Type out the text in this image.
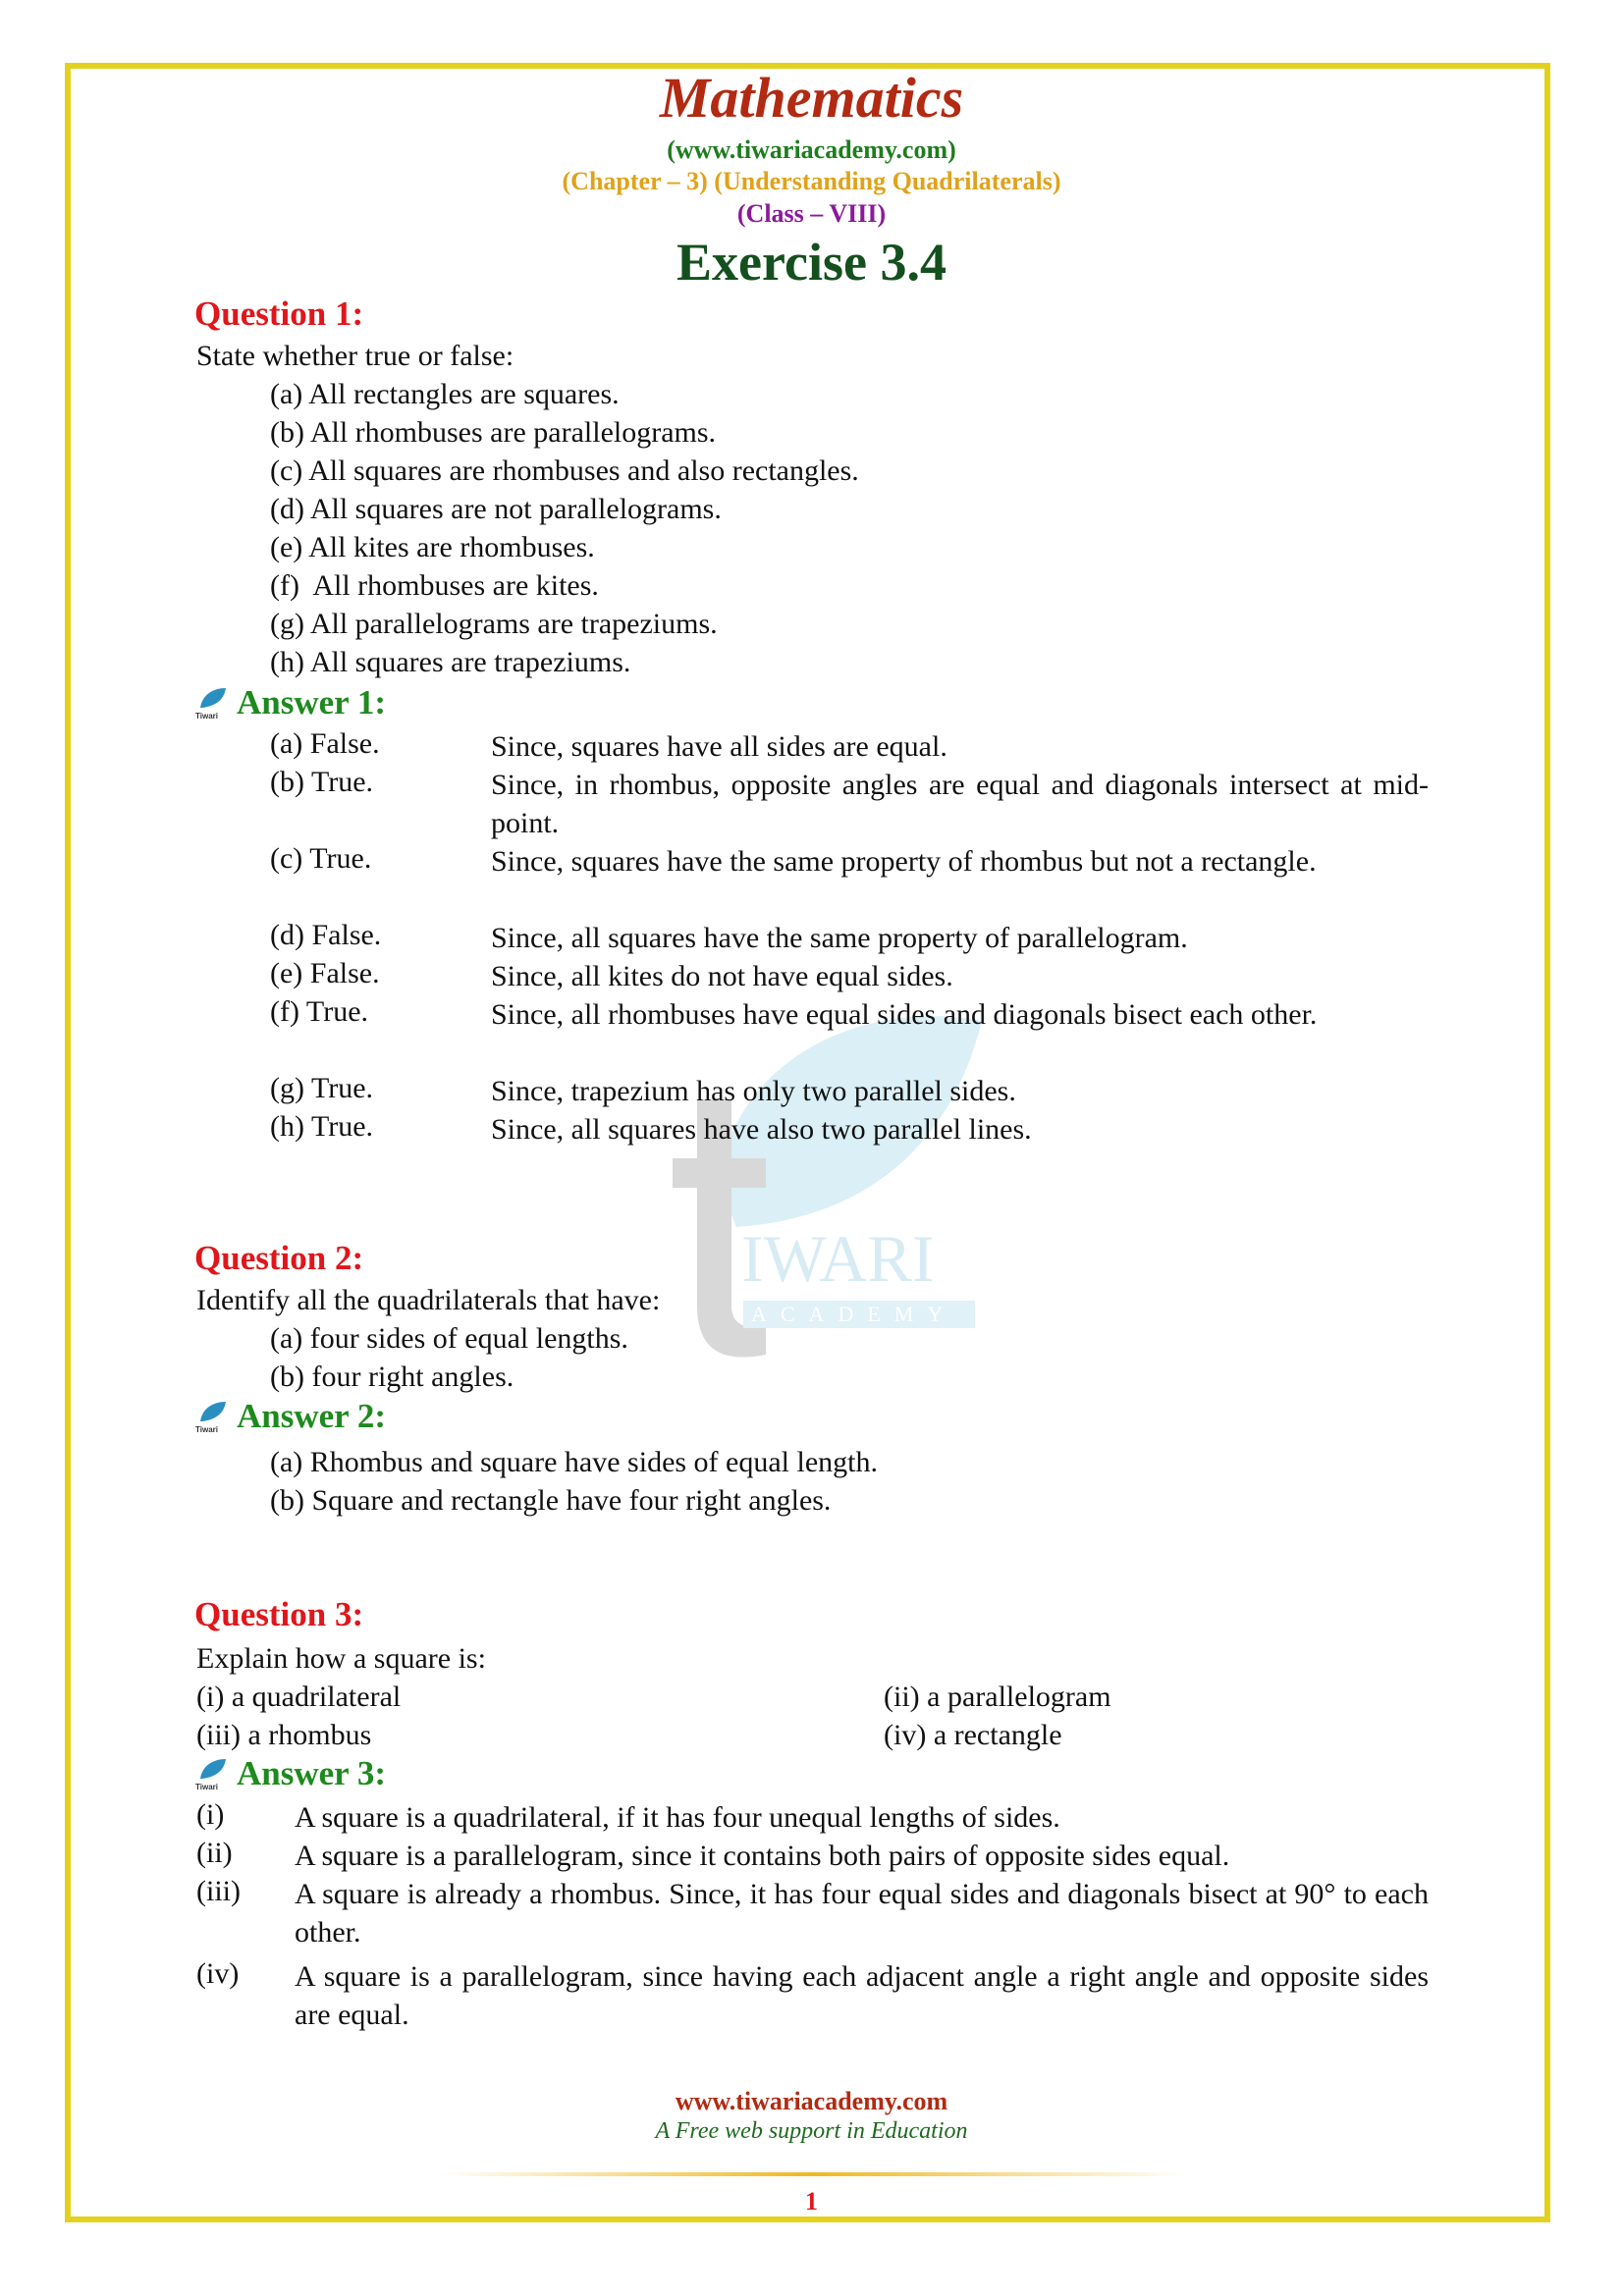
IWARI
ACADEMY
Mathematics
(www.tiwariacademy.com)
(Chapter – 3) (Understanding Quadrilaterals)
(Class – VIII)
Exercise 3.4
Question 1:
State whether true or false:
(a) All rectangles are squares.
(b) All rhombuses are parallelograms.
(c) All squares are rhombuses and also rectangles.
(d) All squares are not parallelograms.
(e) All kites are rhombuses.
(f)  All rhombuses are kites.
(g) All parallelograms are trapeziums.
(h) All squares are trapeziums.
Tiwari Answer 1:
(a) False.	Since, squares have all sides are equal.
(b) True.	Since, in rhombus, opposite angles are equal and diagonals intersect at mid-point.
(c) True.	Since, squares have the same property of rhombus but not a rectangle.
(d) False.	Since, all squares have the same property of parallelogram.
(e) False.	Since, all kites do not have equal sides.
(f) True.	Since, all rhombuses have equal sides and diagonals bisect each other.
(g) True.	Since, trapezium has only two parallel sides.
(h) True.	Since, all squares have also two parallel lines.
Question 2:
Identify all the quadrilaterals that have:
(a) four sides of equal lengths.
(b) four right angles.
Tiwari Answer 2:
(a) Rhombus and square have sides of equal length.
(b) Square and rectangle have four right angles.
Question 3:
Explain how a square is:
(i) a quadrilateral	(ii) a parallelogram
(iii) a rhombus	(iv) a rectangle
Tiwari Answer 3:
(i) A square is a quadrilateral, if it has four unequal lengths of sides.
(ii) A square is a parallelogram, since it contains both pairs of opposite sides equal.
(iii) A square is already a rhombus. Since, it has four equal sides and diagonals bisect at 90° to each other.
(iv) A square is a parallelogram, since having each adjacent angle a right angle and opposite sides are equal.
www.tiwariacademy.com
A Free web support in Education
1
